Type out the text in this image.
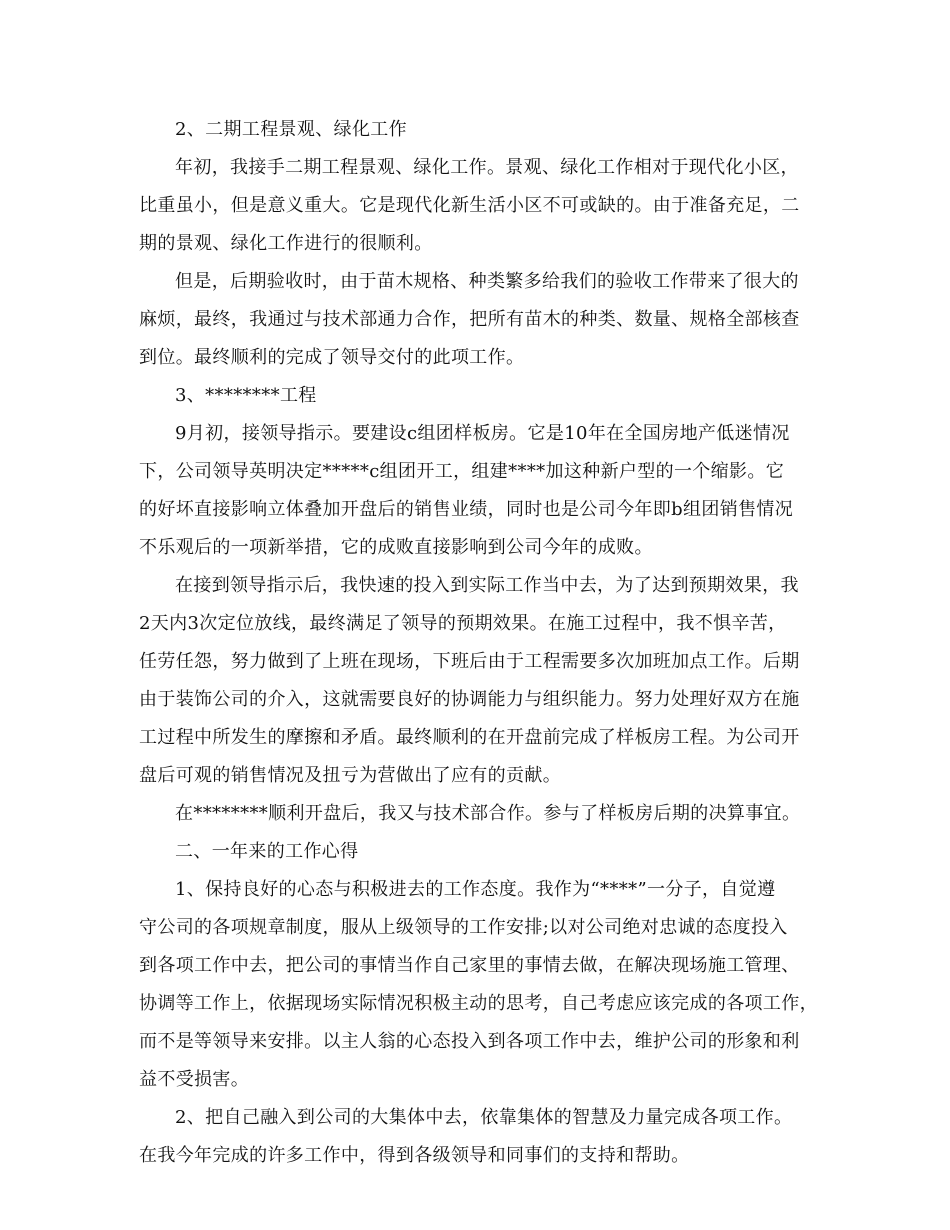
2、二期工程景观、绿化工作
年初，我接手二期工程景观、绿化工作。景观、绿化工作相对于现代化小区，
比重虽小，但是意义重大。它是现代化新生活小区不可或缺的。由于准备充足，二
期的景观、绿化工作进行的很顺利。
但是，后期验收时，由于苗木规格、种类繁多给我们的验收工作带来了很大的
麻烦，最终，我通过与技术部通力合作，把所有苗木的种类、数量、规格全部核查
到位。最终顺利的完成了领导交付的此项工作。
3、********工程
9月初，接领导指示。要建设c组团样板房。它是10年在全国房地产低迷情况
下，公司领导英明决定*****c组团开工，组建****加这种新户型的一个缩影。它
的好坏直接影响立体叠加开盘后的销售业绩，同时也是公司今年即b组团销售情况
不乐观后的一项新举措，它的成败直接影响到公司今年的成败。
在接到领导指示后，我快速的投入到实际工作当中去，为了达到预期效果，我
2天内3次定位放线，最终满足了领导的预期效果。在施工过程中，我不惧辛苦，
任劳任怨，努力做到了上班在现场，下班后由于工程需要多次加班加点工作。后期
由于装饰公司的介入，这就需要良好的协调能力与组织能力。努力处理好双方在施
工过程中所发生的摩擦和矛盾。最终顺利的在开盘前完成了样板房工程。为公司开
盘后可观的销售情况及扭亏为营做出了应有的贡献。
在********顺利开盘后，我又与技术部合作。参与了样板房后期的决算事宜。
二、一年来的工作心得
1、保持良好的心态与积极进去的工作态度。我作为“****”一分子，自觉遵
守公司的各项规章制度，服从上级领导的工作安排;以对公司绝对忠诚的态度投入
到各项工作中去，把公司的事情当作自己家里的事情去做，在解决现场施工管理、
协调等工作上，依据现场实际情况积极主动的思考，自己考虑应该完成的各项工作，
而不是等领导来安排。以主人翁的心态投入到各项工作中去，维护公司的形象和利
益不受损害。
2、把自己融入到公司的大集体中去，依靠集体的智慧及力量完成各项工作。
在我今年完成的许多工作中，得到各级领导和同事们的支持和帮助。
